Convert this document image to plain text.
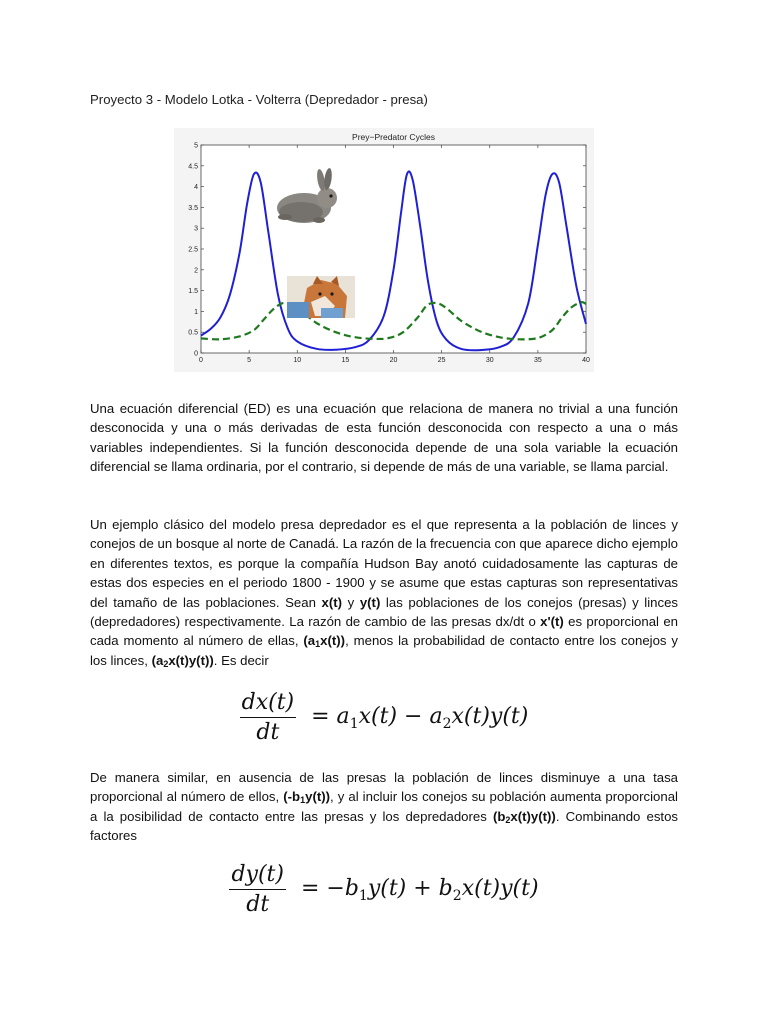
Proyecto 3 - Modelo Lotka - Volterra (Depredador - presa)
Prey−Predator Cycles
0
0.5
1
1.5
2
2.5
3
3.5
4
4.5
5
0	5	10	15	20	25	30	35	40

Una ecuación diferencial (ED) es una ecuación que relaciona de manera no trivial a una función desconocida y una o más derivadas de esta función desconocida con respecto a una o más variables independientes. Si la función desconocida depende de una sola variable la ecuación diferencial se llama ordinaria, por el contrario, si depende de más de una variable, se llama parcial.

Un ejemplo clásico del modelo presa depredador es el que representa a la población de linces y conejos de un bosque al norte de Canadá. La razón de la frecuencia con que aparece dicho ejemplo en diferentes textos, es porque la compañía Hudson Bay anotó cuidadosamente las capturas de estas dos especies en el periodo 1800 - 1900 y se asume que estas capturas son representativas del tamaño de las poblaciones. Sean x(t) y y(t) las poblaciones de los conejos (presas) y linces (depredadores) respectivamente. La razón de cambio de las presas dx/dt o x'(t) es proporcional en cada momento al número de ellas, $(a_1x(t))$, menos la probabilidad de contacto entre los conejos y los linces, $(a_2x(t)y(t))$. Es decir

$\frac{dx(t)}{dt} = a_1x(t) - a_2x(t)y(t)$

De manera similar, en ausencia de las presas la población de linces disminuye a una tasa proporcional al número de ellos, $(-b_1y(t))$, y al incluir los conejos su población aumenta proporcional a la posibilidad de contacto entre las presas y los depredadores $(b_2x(t)y(t))$. Combinando estos factores

$\frac{dy(t)}{dt} = -b_1y(t) + b_2x(t)y(t)$
